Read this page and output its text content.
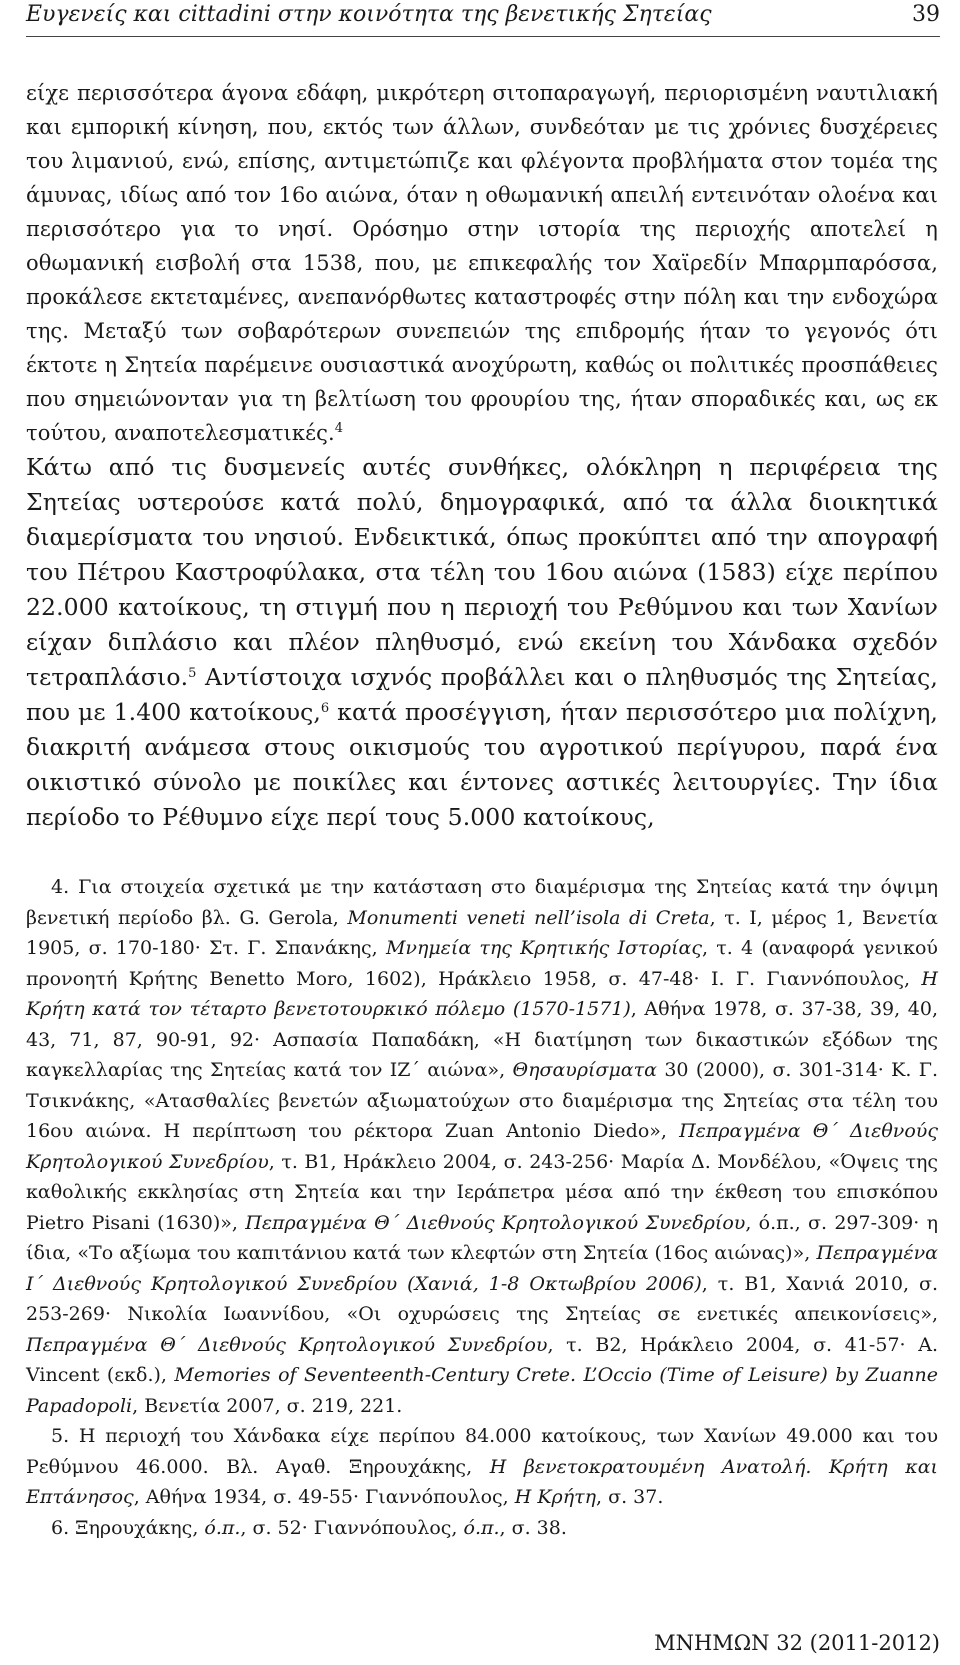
Ευγενείς και cittadini στην κοινότητα της βενετικής Σητείας	39

είχε περισσότερα άγονα εδάφη, μικρότερη σιτοπαραγωγή, περιορισμένη ναυτιλιακή και εμπορική κίνηση, που, εκτός των άλλων, συνδεόταν με τις χρόνιες δυσχέρειες του λιμανιού, ενώ, επίσης, αντιμετώπιζε και φλέγοντα προβλήματα στον τομέα της άμυνας, ιδίως από τον 16ο αιώνα, όταν η οθωμανική απειλή εντεινόταν ολοένα και περισσότερο για το νησί. Ορόσημο στην ιστορία της περιοχής αποτελεί η οθωμανική εισβολή στα 1538, που, με επικεφαλής τον Χαϊρεδίν Μπαρμπαρόσσα, προκάλεσε εκτεταμένες, ανεπανόρθωτες καταστροφές στην πόλη και την ενδοχώρα της. Μεταξύ των σοβαρότερων συνεπειών της επιδρομής ήταν το γεγονός ότι έκτοτε η Σητεία παρέμεινε ουσιαστικά ανοχύρωτη, καθώς οι πολιτικές προσπάθειες που σημειώνονταν για τη βελτίωση του φρουρίου της, ήταν σποραδικές και, ως εκ τούτου, αναποτελεσματικές.$^4$
Κάτω από τις δυσμενείς αυτές συνθήκες, ολόκληρη η περιφέρεια της Σητείας υστερούσε κατά πολύ, δημογραφικά, από τα άλλα διοικητικά διαμερίσματα του νησιού. Ενδεικτικά, όπως προκύπτει από την απογραφή του Πέτρου Καστροφύλακα, στα τέλη του 16ου αιώνα (1583) είχε περίπου 22.000 κατοίκους, τη στιγμή που η περιοχή του Ρεθύμνου και των Χανίων είχαν διπλάσιο και πλέον πληθυσμό, ενώ εκείνη του Χάνδακα σχεδόν τετραπλάσιο.$^5$ Αντίστοιχα ισχνός προβάλλει και ο πληθυσμός της Σητείας, που με 1.400 κατοίκους,$^6$ κατά προσέγγιση, ήταν περισσότερο μια πολίχνη, διακριτή ανάμεσα στους οικισμούς του αγροτικού περίγυρου, παρά ένα οικιστικό σύνολο με ποικίλες και έντονες αστικές λειτουργίες. Την ίδια περίοδο το Ρέθυμνο είχε περί τους 5.000 κατοίκους,

4. Για στοιχεία σχετικά με την κατάσταση στο διαμέρισμα της Σητείας κατά την όψιμη βενετική περίοδο βλ. G. Gerola, Monumenti veneti nell’isola di Creta, τ. I, μέρος 1, Βενετία 1905, σ. 170-180· Στ. Γ. Σπανάκης, Μνημεία της Κρητικής Ιστορίας, τ. 4 (αναφορά γενικού προνοητή Κρήτης Benetto Moro, 1602), Ηράκλειο 1958, σ. 47-48· Ι. Γ. Γιαννόπουλος, Η Κρήτη κατά τον τέταρτο βενετοτουρκικό πόλεμο (1570-1571), Αθήνα 1978, σ. 37-38, 39, 40, 43, 71, 87, 90-91, 92· Ασπασία Παπαδάκη, «Η διατίμηση των δικαστικών εξόδων της καγκελλαρίας της Σητείας κατά τον ΙΖ΄ αιώνα», Θησαυρίσματα 30 (2000), σ. 301-314· Κ. Γ. Τσικνάκης, «Ατασθαλίες βενετών αξιωματούχων στο διαμέρισμα της Σητείας στα τέλη του 16ου αιώνα. Η περίπτωση του ρέκτορα Zuan Antonio Diedo», Πεπραγμένα Θ΄ Διεθνούς Κρητολογικού Συνεδρίου, τ. Β1, Ηράκλειο 2004, σ. 243-256· Μαρία Δ. Μονδέλου, «Όψεις της καθολικής εκκλησίας στη Σητεία και την Ιεράπετρα μέσα από την έκθεση του επισκόπου Pietro Pisani (1630)», Πεπραγμένα Θ΄ Διεθνούς Κρητολογικού Συνεδρίου, ό.π., σ. 297-309· η ίδια, «Το αξίωμα του καπιτάνιου κατά των κλεφτών στη Σητεία (16ος αιώνας)», Πεπραγμένα Ι΄ Διεθνούς Κρητολογικού Συνεδρίου (Χανιά, 1-8 Οκτωβρίου 2006), τ. Β1, Χανιά 2010, σ. 253-269· Νικολία Ιωαννίδου, «Οι οχυρώσεις της Σητείας σε ενετικές απεικονίσεις», Πεπραγμένα Θ΄ Διεθνούς Κρητολογικού Συνεδρίου, τ. Β2, Ηράκλειο 2004, σ. 41-57· A. Vincent (εκδ.), Memories of Seventeenth-Century Crete. L’Occio (Time of Leisure) by Zuanne Papadopoli, Βενετία 2007, σ. 219, 221.

5. Η περιοχή του Χάνδακα είχε περίπου 84.000 κατοίκους, των Χανίων 49.000 και του Ρεθύμνου 46.000. Βλ. Αγαθ. Ξηρουχάκης, Η βενετοκρατουμένη Ανατολή. Κρήτη και Επτάνησος, Αθήνα 1934, σ. 49-55· Γιαννόπουλος, Η Κρήτη, σ. 37.

6. Ξηρουχάκης, ό.π., σ. 52· Γιαννόπουλος, ό.π., σ. 38.

ΜΝΗΜΩΝ 32 (2011-2012)
